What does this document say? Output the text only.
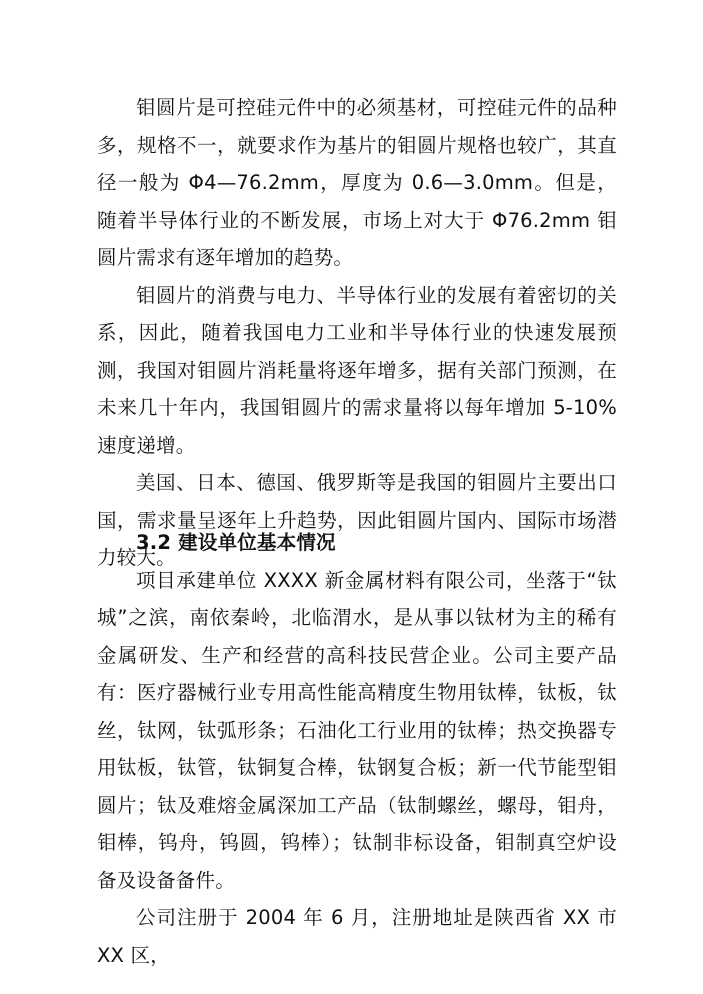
钼圆片是可控硅元件中的必须基材，可控硅元件的品种多，规格不一，就要求作为基片的钼圆片规格也较广，其直径一般为 Φ4—76.2mm，厚度为 0.6—3.0mm。但是，随着半导体行业的不断发展，市场上对大于 Φ76.2mm 钼圆片需求有逐年增加的趋势。

钼圆片的消费与电力、半导体行业的发展有着密切的关系，因此，随着我国电力工业和半导体行业的快速发展预测，我国对钼圆片消耗量将逐年增多，据有关部门预测，在未来几十年内，我国钼圆片的需求量将以每年增加 5-10%速度递增。

美国、日本、德国、俄罗斯等是我国的钼圆片主要出口国，需求量呈逐年上升趋势，因此钼圆片国内、国际市场潜力较大。

3.2 建设单位基本情况

项目承建单位 XXXX 新金属材料有限公司，坐落于“钛城”之滨，南依秦岭，北临渭水，是从事以钛材为主的稀有金属研发、生产和经营的高科技民营企业。公司主要产品有：医疗器械行业专用高性能高精度生物用钛棒，钛板，钛丝，钛网，钛弧形条；石油化工行业用的钛棒；热交换器专用钛板，钛管，钛铜复合棒，钛钢复合板；新一代节能型钼圆片；钛及难熔金属深加工产品（钛制螺丝，螺母，钼舟，钼棒，钨舟，钨圆，钨棒）；钛制非标设备，钼制真空炉设备及设备备件。

公司注册于 2004 年 6 月，注册地址是陕西省 XX 市 XX 区，
